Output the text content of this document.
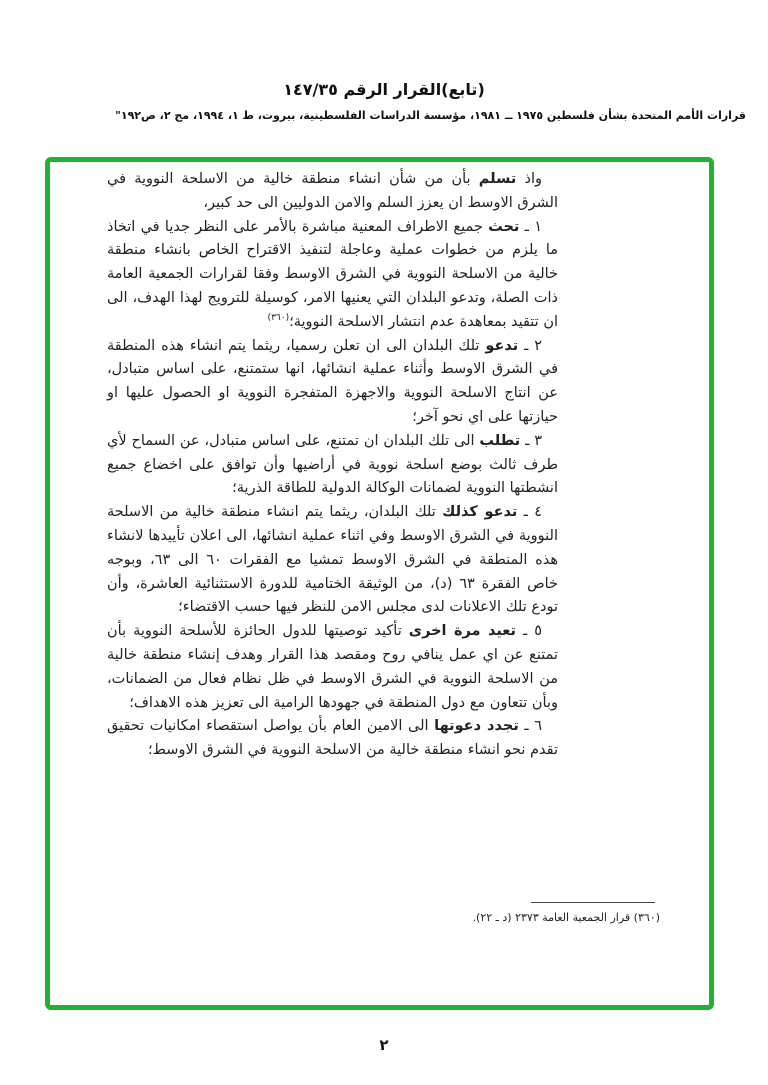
(تابع)القرار الرقم ١٤٧/٣٥
قرارات الأمم المتحدة بشأن فلسطين ١٩٧٥ ــ ١٩٨١، مؤسسة الدراسات الفلسطينية، بيروت، ط ١، ١٩٩٤، مج ٢، ص١٩٢"

واذ تسلم بأن من شأن انشاء منطقة خالية من الاسلحة النووية في الشرق الاوسط ان يعزز السلم والامن الدوليين الى حد كبير،

١ ـ تحث جميع الاطراف المعنية مباشرة بالأمر على النظر جديا في اتخاذ ما يلزم من خطوات عملية وعاجلة لتنفيذ الاقتراح الخاص بانشاء منطقة خالية من الاسلحة النووية في الشرق الاوسط وفقا لقرارات الجمعية العامة ذات الصلة، وتدعو البلدان التي يعنيها الامر، كوسيلة للترويج لهذا الهدف، الى ان تتقيد بمعاهدة عدم انتشار الاسلحة النووية؛$^{(٣٦٠)}$

٢ ـ تدعو تلك البلدان الى ان تعلن رسميا، ريثما يتم انشاء هذه المنطقة في الشرق الاوسط وأثناء عملية انشائها، انها ستمتنع، على اساس متبادل، عن انتاج الاسلحة النووية والاجهزة المتفجرة النووية او الحصول عليها او حيازتها على اي نحو آخر؛

٣ ـ تطلب الى تلك البلدان ان تمتنع، على اساس متبادل، عن السماح لأي طرف ثالث بوضع اسلحة نووية في أراضيها وأن توافق على اخضاع جميع انشطتها النووية لضمانات الوكالة الدولية للطاقة الذرية؛

٤ ـ تدعو كذلك تلك البلدان، ريثما يتم انشاء منطقة خالية من الاسلحة النووية في الشرق الاوسط وفي اثناء عملية انشائها، الى اعلان تأييدها لانشاء هذه المنطقة في الشرق الاوسط تمشيا مع الفقرات ٦٠ الى ٦٣، وبوجه خاص الفقرة ٦٣ (د)، من الوثيقة الختامية للدورة الاستثنائية العاشرة، وأن تودع تلك الاعلانات لدى مجلس الامن للنظر فيها حسب الاقتضاء؛

٥ ـ تعيد مرة اخرى تأكيد توصيتها للدول الحائزة للأسلحة النووية بأن تمتنع عن اي عمل ينافي روح ومقصد هذا القرار وهدف إنشاء منطقة خالية من الاسلحة النووية في الشرق الاوسط في ظل نظام فعال من الضمانات، وبأن تتعاون مع دول المنطقة في جهودها الرامية الى تعزيز هذه الاهداف؛

٦ ـ تجدد دعوتها الى الامين العام بأن يواصل استقصاء امكانيات تحقيق تقدم نحو انشاء منطقة خالية من الاسلحة النووية في الشرق الاوسط؛

(٣٦٠) قرار الجمعية العامة ٢٣٧٣ (د ـ ٢٢).
٢
